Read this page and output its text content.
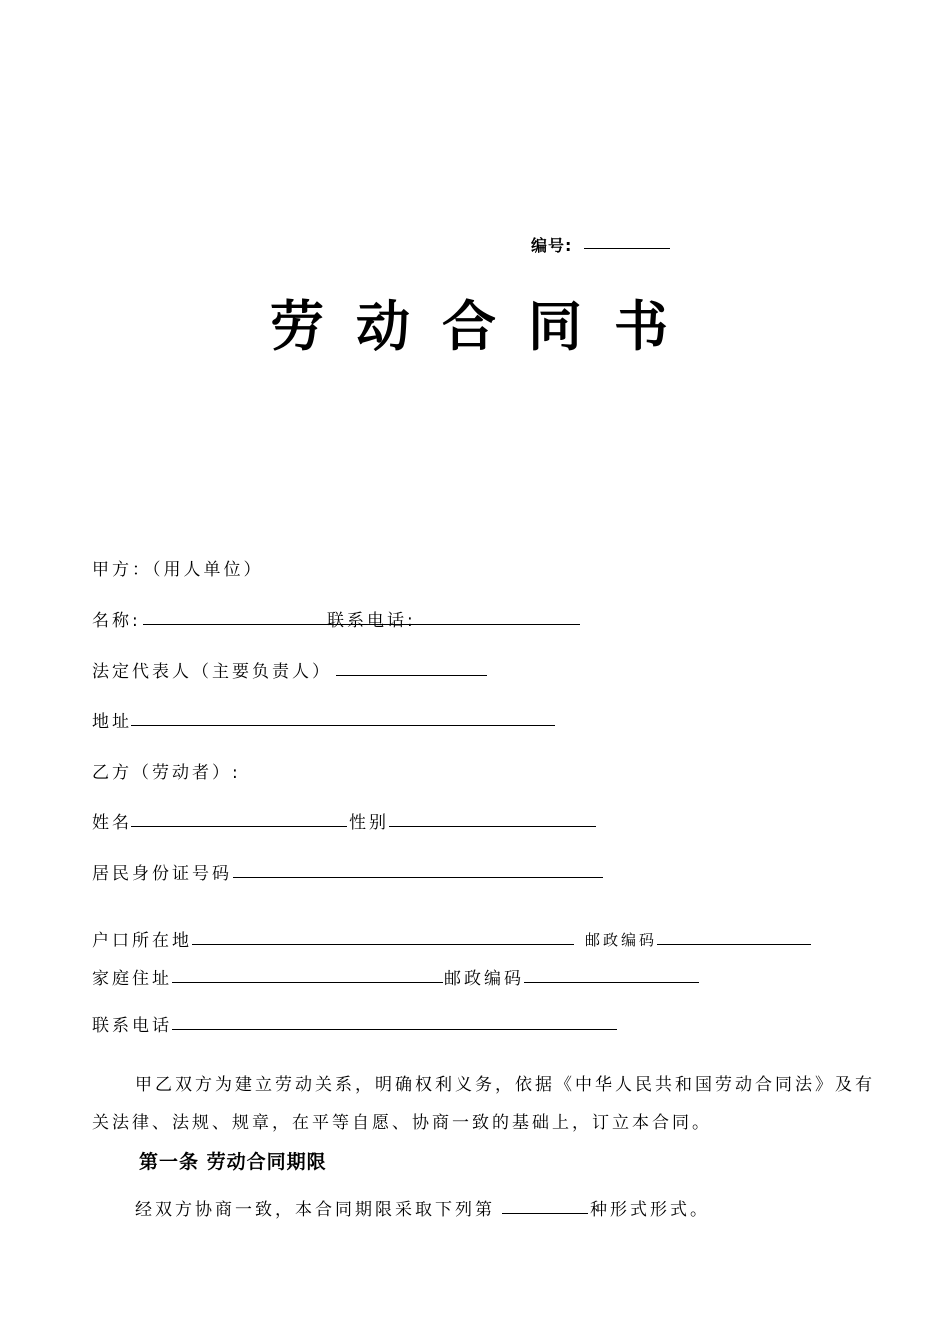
编号:
劳动合同书
甲方：（用人单位）
名称:	联系电话:
法定代表人（主要负责人）
地址
乙方（劳动者）:
姓名	性别
居民身份证号码
户口所在地	邮政编码
家庭住址	邮政编码
联系电话
甲乙双方为建立劳动关系，明确权利义务，依据《中华人民共和国劳动合同法》及有
关法律、法规、规章，在平等自愿、协商一致的基础上，订立本合同。
第一条 劳动合同期限
经双方协商一致，本合同期限采取下列第	种形式形式。
